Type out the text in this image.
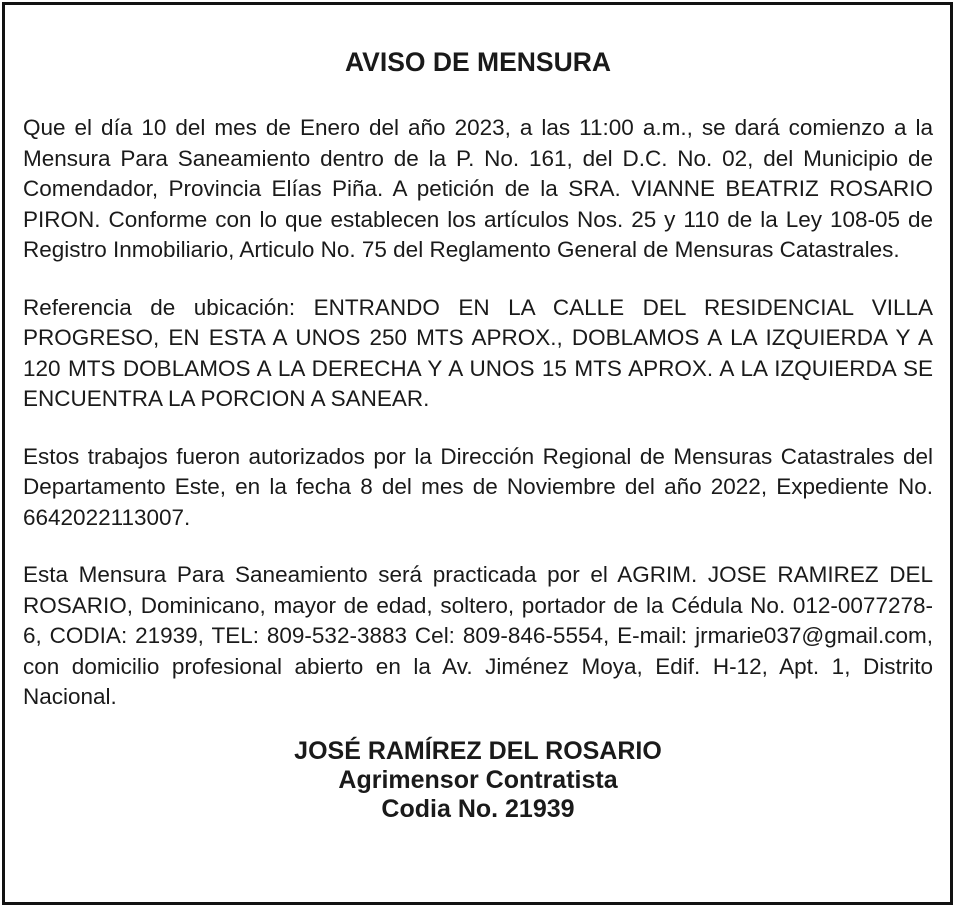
AVISO DE MENSURA

Que el día 10 del mes de Enero del año 2023, a las 11:00 a.m., se dará comienzo a la Mensura Para Saneamiento dentro de la P. No. 161, del D.C. No. 02, del Municipio de Comendador, Provincia Elías Piña. A petición de la SRA. VIANNE BEATRIZ ROSARIO PIRON. Conforme con lo que establecen los artículos Nos. 25 y 110 de la Ley 108-05 de Registro Inmobiliario, Articulo No. 75 del Reglamento General de Mensuras Catastrales.

Referencia de ubicación: ENTRANDO EN LA CALLE DEL RESIDENCIAL VILLA PROGRESO, EN ESTA A UNOS 250 MTS APROX., DOBLAMOS A LA IZQUIERDA Y A 120 MTS DOBLAMOS A LA DERECHA Y A UNOS 15 MTS APROX. A LA IZQUIERDA SE ENCUENTRA LA PORCION A SANEAR.

Estos trabajos fueron autorizados por la Dirección Regional de Mensuras Catastrales del Departamento Este, en la fecha 8 del mes de Noviembre del año 2022, Expediente No. 6642022113007.

Esta Mensura Para Saneamiento será practicada por el AGRIM. JOSE RAMIREZ DEL ROSARIO, Dominicano, mayor de edad, soltero, portador de la Cédula No. 012-0077278-6, CODIA: 21939, TEL: 809-532-3883 Cel: 809-846-5554, E-mail: jrmarie037@gmail.com, con domicilio profesional abierto en la Av. Jiménez Moya, Edif. H-12, Apt. 1, Distrito Nacional.

JOSÉ RAMÍREZ DEL ROSARIO
Agrimensor Contratista
Codia No. 21939
